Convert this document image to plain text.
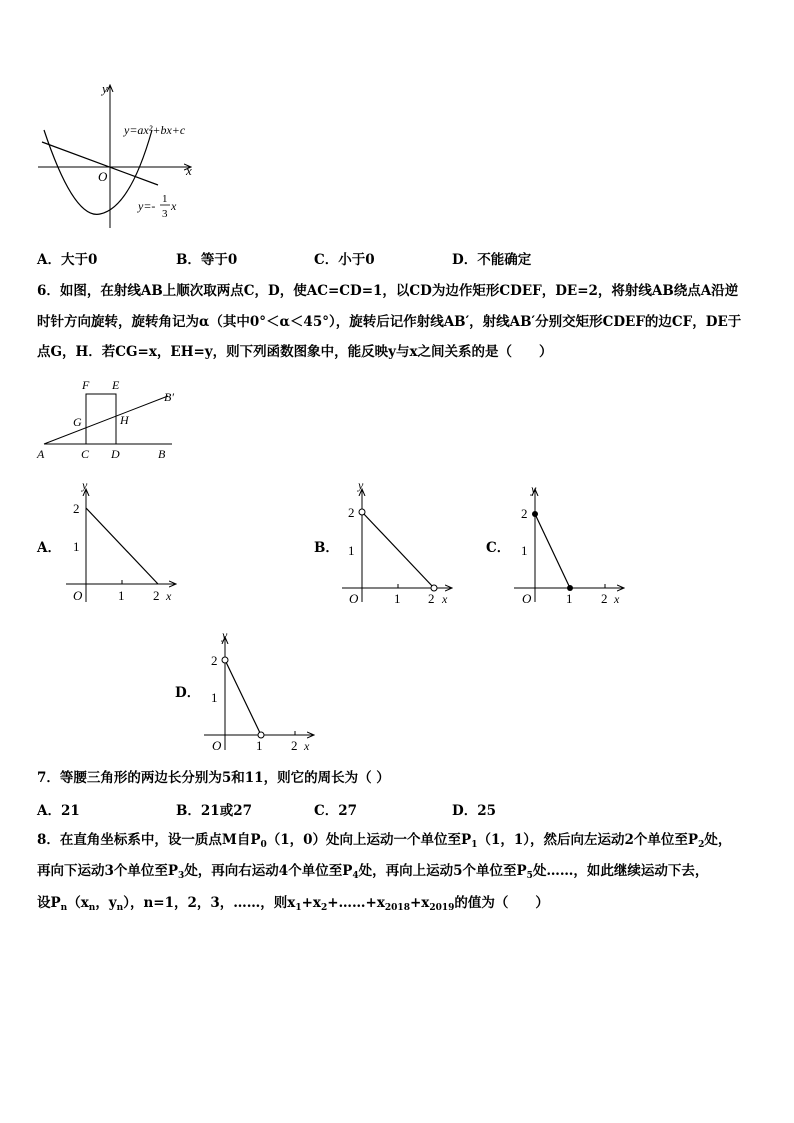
y
x
O
y=ax²+bx+c
y=- 1
3
x
A．大于0	B．等于0	C．小于0	D．不能确定
6．如图，在射线AB上顺次取两点C，D，使AC=CD=1，以CD为边作矩形CDEF，DE=2，将射线AB绕点A沿逆
时针方向旋转，旋转角记为α（其中0°＜α＜45°），旋转后记作射线AB′，射线AB′分别交矩形CDEF的边CF，DE于
点G，H．若CG=x，EH=y，则下列函数图象中，能反映y与x之间关系的是（　　）
F E
B′
G	H
A	C D	B
A．	B．	C．
D．
y
2
1
O	1 2 x
y
2
1
O	1 2 x
y
2
1
O	1 2 x
y
2
1
O	1 2 x
7．等腰三角形的两边长分别为5和11，则它的周长为（ ）
A．21	B．21或27	C．27	D．25
8．在直角坐标系中，设一质点M自$P_0(1$，0）处向上运动一个单位至$P_1(1$，1），然后向左运动2个单位至$P_2$处，
再向下运动3个单位至$P_3$处，再向右运动4个单位至$P_4$处，再向上运动5个单位至$P_5$处……，如此继续运动下去，
设$P_n(x_n$，$y_n$），n=1，2，3，……，则$x_1+x_2+\dots\dots+x_{2018}+x_{2019}$的值为（　　）
